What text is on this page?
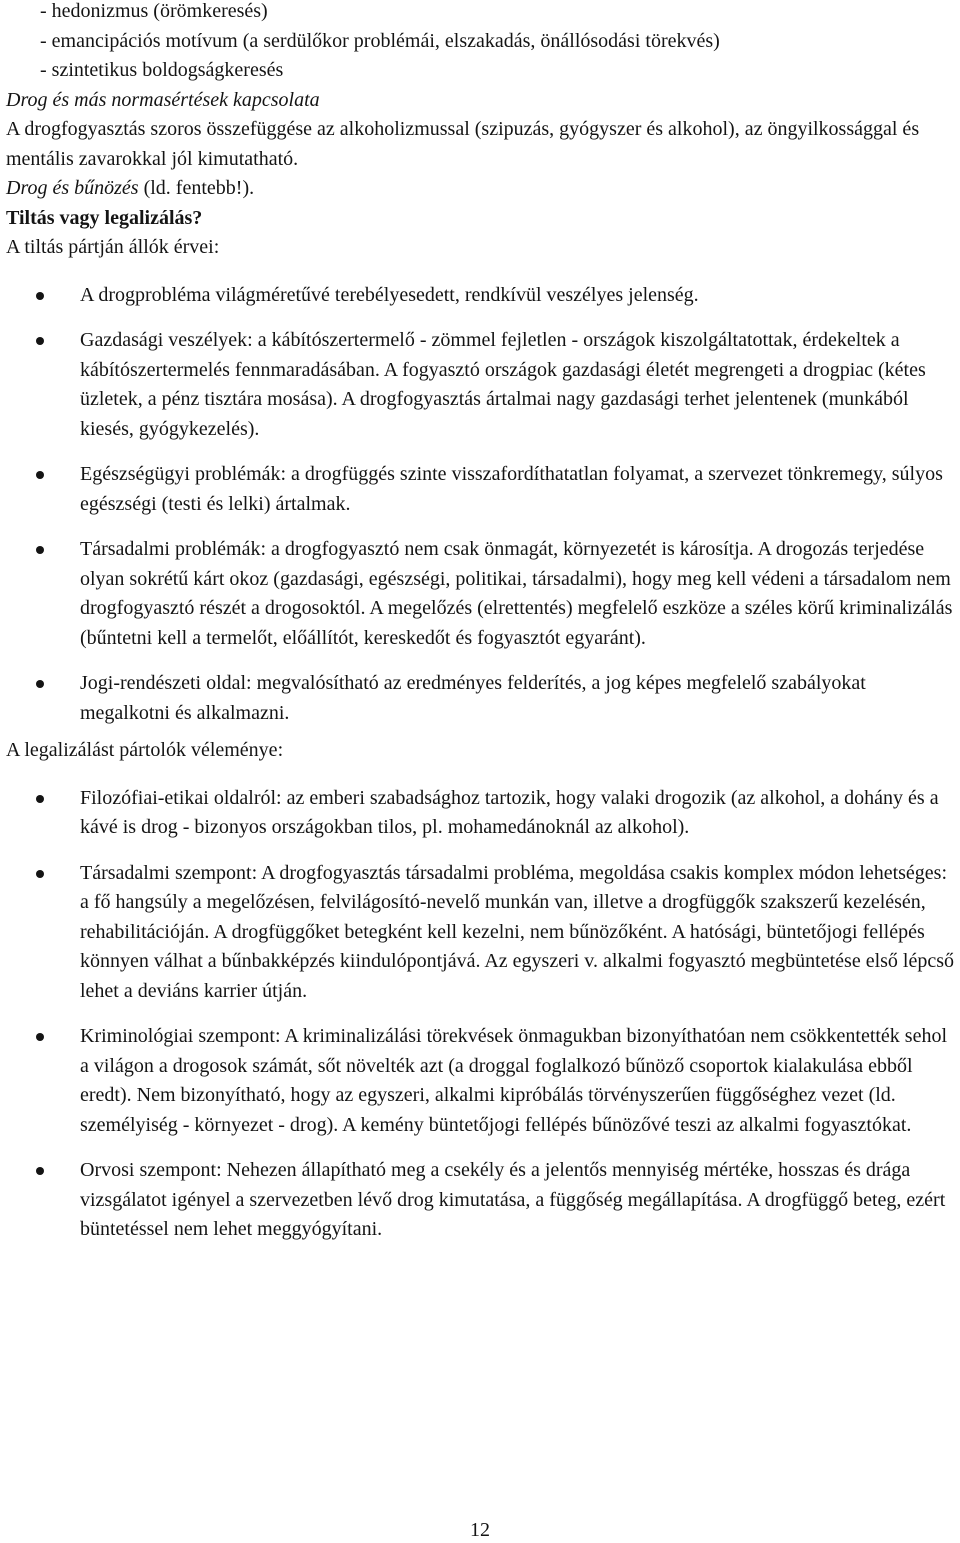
- hedonizmus (örömkeresés)
- emancipációs motívum (a serdülőkor problémái, elszakadás, önállósodási törekvés)
- szintetikus boldogságkeresés
Drog és más normasértések kapcsolata
A drogfogyasztás szoros összefüggése az alkoholizmussal (szipuzás, gyógyszer és alkohol), az öngyilkossággal és mentális zavarokkal jól kimutatható.
Drog és bűnözés (ld. fentebb!).
Tiltás vagy legalizálás?
A tiltás pártján állók érvei:
A drogprobléma világméretűvé terebélyesedett, rendkívül veszélyes jelenség.
Gazdasági veszélyek: a kábítószertermelő - zömmel fejletlen - országok kiszolgáltatottak, érdekeltek a kábítószertermelés fennmaradásában. A fogyasztó országok gazdasági életét megrengeti a drogpiac (kétes üzletek, a pénz tisztára mosása). A drogfogyasztás ártalmai nagy gazdasági terhet jelentenek (munkából kiesés, gyógykezelés).
Egészségügyi problémák: a drogfüggés szinte visszafordíthatatlan folyamat, a szervezet tönkremegy, súlyos egészségi (testi és lelki) ártalmak.
Társadalmi problémák: a drogfogyasztó nem csak önmagát, környezetét is károsítja. A drogozás terjedése olyan sokrétű kárt okoz (gazdasági, egészségi, politikai, társadalmi), hogy meg kell védeni a társadalom nem drogfogyasztó részét a drogosoktól. A megelőzés (elrettentés) megfelelő eszköze a széles körű kriminalizálás (bűntetni kell a termelőt, előállítót, kereskedőt és fogyasztót egyaránt).
Jogi-rendészeti oldal: megvalósítható az eredményes felderítés, a jog képes megfelelő szabályokat megalkotni és alkalmazni.
A legalizálást pártolók véleménye:
Filozófiai-etikai oldalról: az emberi szabadsághoz tartozik, hogy valaki drogozik (az alkohol, a dohány és a kávé is drog - bizonyos országokban tilos, pl. mohamedánoknál az alkohol).
Társadalmi szempont: A drogfogyasztás társadalmi probléma, megoldása csakis komplex módon lehetséges: a fő hangsúly a megelőzésen, felvilágosító-nevelő munkán van, illetve a drogfüggők szakszerű kezelésén, rehabilitációján. A drogfüggőket betegként kell kezelni, nem bűnözőként. A hatósági, büntetőjogi fellépés könnyen válhat a bűnbakképzés kiindulópontjává. Az egyszeri v. alkalmi fogyasztó megbüntetése első lépcső lehet a deviáns karrier útján.
Kriminológiai szempont: A kriminalizálási törekvések önmagukban bizonyíthatóan nem csökkentették sehol a világon a drogosok számát, sőt növelték azt (a droggal foglalkozó bűnöző csoportok kialakulása ebből eredt). Nem bizonyítható, hogy az egyszeri, alkalmi kipróbálás törvényszerűen függőséghez vezet (ld. személyiség - környezet - drog). A kemény büntetőjogi fellépés bűnözővé teszi az alkalmi fogyasztókat.
Orvosi szempont: Nehezen állapítható meg a csekély és a jelentős mennyiség mértéke, hosszas és drága vizsgálatot igényel a szervezetben lévő drog kimutatása, a függőség megállapítása. A drogfüggő beteg, ezért büntetéssel nem lehet meggyógyítani.
12
